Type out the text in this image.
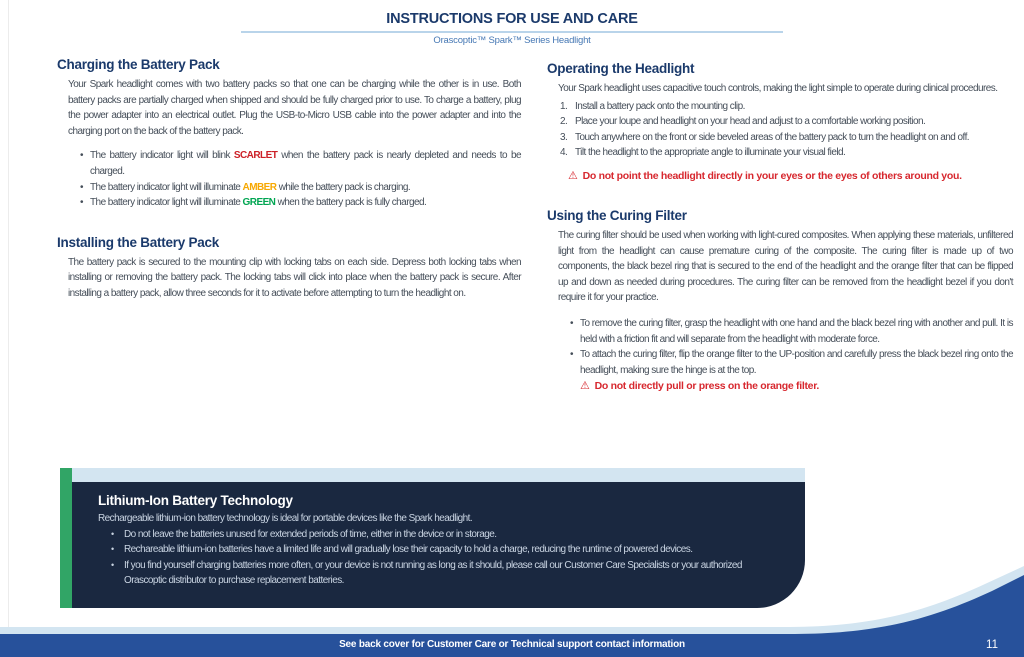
INSTRUCTIONS FOR USE AND CARE
Orascoptic™ Spark™ Series Headlight
Charging the Battery Pack

Your Spark headlight comes with two battery packs so that one can be charging while the other is in use. Both battery packs are partially charged when shipped and should be fully charged prior to use. To charge a battery, plug the power adapter into an electrical outlet. Plug the USB-to-Micro USB cable into the power adapter and into the charging port on the back of the battery pack.

• The battery indicator light will blink SCARLET when the battery pack is nearly depleted and needs to be charged.
• The battery indicator light will illuminate AMBER while the battery pack is charging.
• The battery indicator light will illuminate GREEN when the battery pack is fully charged.
Installing the Battery Pack

The battery pack is secured to the mounting clip with locking tabs on each side. Depress both locking tabs when installing or removing the battery pack. The locking tabs will click into place when the battery pack is secure. After installing a battery pack, allow three seconds for it to activate before attempting to turn the headlight on.

Operating the Headlight

Your Spark headlight uses capacitive touch controls, making the light simple to operate during clinical procedures.

1. Install a battery pack onto the mounting clip.
2. Place your loupe and headlight on your head and adjust to a comfortable working position.
3. Touch anywhere on the front or side beveled areas of the battery pack to turn the headlight on and off.
4. Tilt the headlight to the appropriate angle to illuminate your visual field.
⚠ Do not point the headlight directly in your eyes or the eyes of others around you.
Using the Curing Filter

The curing filter should be used when working with light-cured composites. When applying these materials, unfiltered light from the headlight can cause premature curing of the composite. The curing filter is made up of two components, the black bezel ring that is secured to the end of the headlight and the orange filter that can be flipped up and down as needed during procedures. The curing filter can be removed from the headlight bezel if you don't require it for your practice.

• To remove the curing filter, grasp the headlight with one hand and the black bezel ring with another and pull. It is held with a friction fit and will separate from the headlight with moderate force.
• To attach the curing filter, flip the orange filter to the UP-position and carefully press the black bezel ring onto the headlight, making sure the hinge is at the top.
⚠ Do not directly pull or press on the orange filter.
Lithium-Ion Battery Technology
Rechargeable lithium-ion battery technology is ideal for portable devices like the Spark headlight.
• Do not leave the batteries unused for extended periods of time, either in the device or in storage.
• Rechareable lithium-ion batteries have a limited life and will gradually lose their capacity to hold a charge, reducing the runtime of powered devices.
• If you find yourself charging batteries more often, or your device is not running as long as it should, please call our Customer Care Specialists or your authorized Orascoptic distributor to purchase replacement batteries.
See back cover for Customer Care or Technical support contact information	11
